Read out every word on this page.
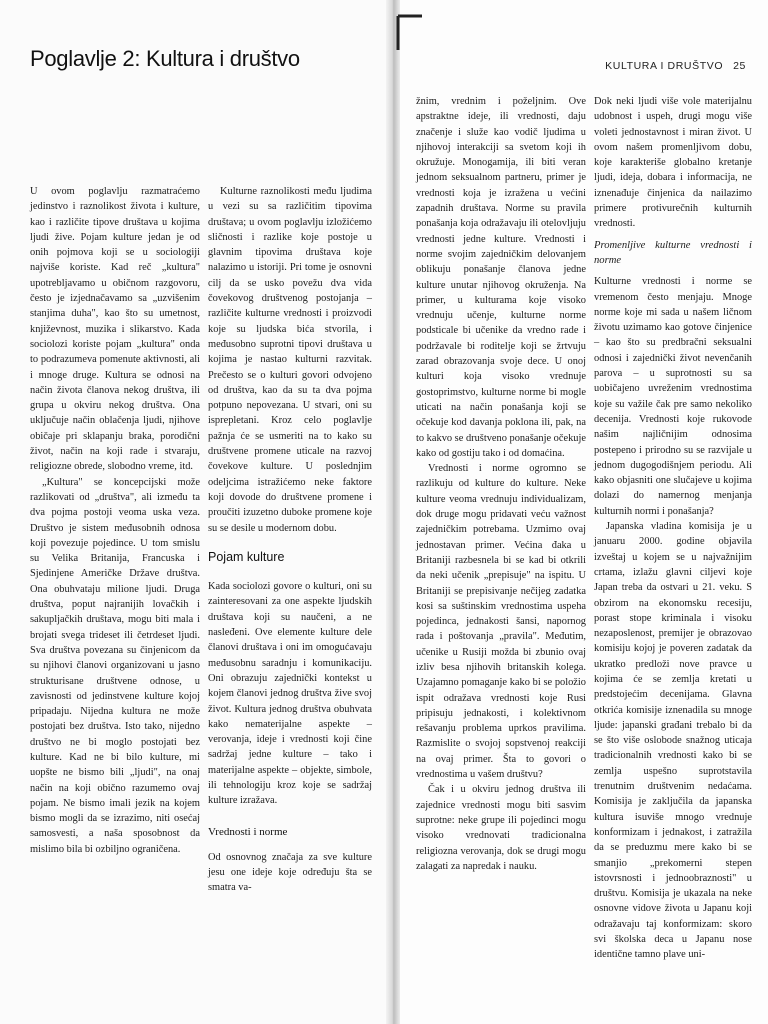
Poglavlje 2: Kultura i društvo	KULTURA I DRUŠTVO 25

U ovom poglavlju razmatraćemo jedinstvo i raznolikost života i kulture, kao i različite tipove društava u kojima ljudi žive. Pojam kulture jedan je od onih pojmova koji se u sociologiji najviše koriste. Kad reč „kultura" upotrebljavamo u običnom razgovoru, često je izjednačavamo sa „uzvišenim stanjima duha", kao što su umetnost, književnost, muzika i slikarstvo. Kada sociolozi koriste pojam „kultura" onda to podrazumeva pomenute aktivnosti, ali i mnoge druge. Kultura se odnosi na način života članova nekog društva, ili grupa u okviru nekog društva. Ona uključuje način oblačenja ljudi, njihove običaje pri sklapanju braka, porodični život, način na koji rade i stvaraju, religiozne obrede, slobodno vreme, itd.

„Kultura" se koncepcijski može razlikovati od „društva", ali između ta dva pojma postoji veoma uska veza. Društvo je sistem međusobnih odnosa koji povezuje pojedince. U tom smislu su Velika Britanija, Francuska i Sjedinjene Američke Države društva. Ona obuhvataju milione ljudi. Druga društva, poput najranijih lovačkih i sakupljačkih društava, mogu biti mala i brojati svega trideset ili četrdeset ljudi. Sva društva povezana su činjenicom da su njihovi članovi organizovani u jasno strukturisane društvene odnose, u zavisnosti od jedinstvene kulture kojoj pripadaju. Nijedna kultura ne može postojati bez društva. Isto tako, nijedno društvo ne bi moglo postojati bez kulture. Kad ne bi bilo kulture, mi uopšte ne bismo bili „ljudi", na onaj način na koji obično razumemo ovaj pojam. Ne bismo imali jezik na kojem bismo mogli da se izrazimo, niti osećaj samosvesti, a naša sposobnost da mislimo bila bi ozbiljno ograničena.

Kulturne raznolikosti među ljudima u vezi su sa različitim tipovima društava; u ovom poglavlju izložićemo sličnosti i razlike koje postoje u glavnim tipovima društava koje nalazimo u istoriji. Pri tome je osnovni cilj da se usko povežu dva vida čovekovog društvenog postojanja – različite kulturne vrednosti i proizvodi koje su ljudska bića stvorila, i međusobno suprotni tipovi društava u kojima je nastao kulturni razvitak. Prečesto se o kulturi govori odvojeno od društva, kao da su ta dva pojma potpuno nepovezana. U stvari, oni su isprepletani. Kroz celo poglavlje pažnja će se usmeriti na to kako su društvene promene uticale na razvoj čovekove kulture. U poslednjim odeljcima istražićemo neke faktore koji dovode do društvene promene i proučiti izuzetno duboke promene koje su se desile u modernom dobu.

Pojam kulture

Kada sociolozi govore o kulturi, oni su zainteresovani za one aspekte ljudskih društava koji su naučeni, a ne nasleđeni. Ove elemente kulture dele članovi društava i oni im omogućavaju međusobnu saradnju i komunikaciju. Oni obrazuju zajednički kontekst u kojem članovi jednog društva žive svoj život. Kultura jednog društva obuhvata kako nematerijalne aspekte – verovanja, ideje i vrednosti koji čine sadržaj jedne kulture – tako i materijalne aspekte – objekte, simbole, ili tehnologiju kroz koje se sadržaj kulture izražava.

Vrednosti i norme

Od osnovnog značaja za sve kulture jesu one ideje koje određuju šta se smatra va-

žnim, vrednim i poželjnim. Ove apstraktne ideje, ili vrednosti, daju značenje i služe kao vodič ljudima u njihovoj interakciji sa svetom koji ih okružuje. Monogamija, ili biti veran jednom seksualnom partneru, primer je vrednosti koja je izražena u većini zapadnih društava. Norme su pravila ponašanja koja odražavaju ili otelovljuju vrednosti jedne kulture. Vrednosti i norme svojim zajedničkim delovanjem oblikuju ponašanje članova jedne kulture unutar njihovog okruženja. Na primer, u kulturama koje visoko vrednuju učenje, kulturne norme podsticale bi učenike da vredno rade i podržavale bi roditelje koji se žrtvuju zarad obrazovanja svoje dece. U onoj kulturi koja visoko vrednuje gostoprimstvo, kulturne norme bi mogle uticati na način ponašanja koji se očekuje kod davanja poklona ili, pak, na to kakvo se društveno ponašanje očekuje kako od gostiju tako i od domaćina.

Vrednosti i norme ogromno se razlikuju od kulture do kulture. Neke kulture veoma vrednuju individualizam, dok druge mogu pridavati veću važnost zajedničkim potrebama. Uzmimo ovaj jednostavan primer. Većina đaka u Britaniji razbesnela bi se kad bi otkrili da neki učenik „prepisuje" na ispitu. U Britaniji se prepisivanje nečijeg zadatka kosi sa suštinskim vrednostima uspeha pojedinca, jednakosti šansi, napornog rada i poštovanja „pravila". Međutim, učenike u Rusiji možda bi zbunio ovaj izliv besa njihovih britanskih kolega. Uzajamno pomaganje kako bi se položio ispit odražava vrednosti koje Rusi pripisuju jednakosti, i kolektivnom rešavanju problema uprkos pravilima. Razmislite o svojoj sopstvenoj reakciji na ovaj primer. Šta to govori o vrednostima u vašem društvu?

Čak i u okviru jednog društva ili zajednice vrednosti mogu biti sasvim suprotne: neke grupe ili pojedinci mogu visoko vrednovati tradicionalna religiozna verovanja, dok se drugi mogu zalagati za napredak i nauku.

Dok neki ljudi više vole materijalnu udobnost i uspeh, drugi mogu više voleti jednostavnost i miran život. U ovom našem promenljivom dobu, koje karakteriše globalno kretanje ljudi, ideja, dobara i informacija, ne iznenađuje činjenica da nailazimo primere protivurečnih kulturnih vrednosti.

Promenljive kulturne vrednosti i norme

Kulturne vrednosti i norme se vremenom često menjaju. Mnoge norme koje mi sada u našem ličnom životu uzimamo kao gotove činjenice – kao što su predbračni seksualni odnosi i zajednički život nevenčanih parova – u suprotnosti su sa uobičajeno uvreženim vrednostima koje su važile čak pre samo nekoliko decenija. Vrednosti koje rukovode našim najličnijim odnosima postepeno i prirodno su se razvijale u jednom dugogodišnjem periodu. Ali kako objasniti one slučajeve u kojima dolazi do namernog menjanja kulturnih normi i ponašanja?

Japanska vladina komisija je u januaru 2000. godine objavila izveštaj u kojem se u najvažnijim crtama, izlažu glavni ciljevi koje Japan treba da ostvari u 21. veku. S obzirom na ekonomsku recesiju, porast stope kriminala i visoku nezaposlenost, premijer je obrazovao komisiju kojoj je poveren zadatak da ukratko predloži nove pravce u kojima će se zemlja kretati u predstojećim decenijama. Glavna otkrića komisije iznenadila su mnoge ljude: japanski građani trebalo bi da se što više oslobode snažnog uticaja tradicionalnih vrednosti kako bi se zemlja uspešno suprotstavila trenutnim društvenim nedaćama. Komisija je zaključila da japanska kultura isuviše mnogo vrednuje konformizam i jednakost, i zatražila da se preduzmu mere kako bi se smanjio „prekomerni stepen istovrsnosti i jednoobraznosti" u društvu. Komisija je ukazala na neke osnovne vidove života u Japanu koji odražavaju taj konformizam: skoro svi školska deca u Japanu nose identične tamno plave uni-
